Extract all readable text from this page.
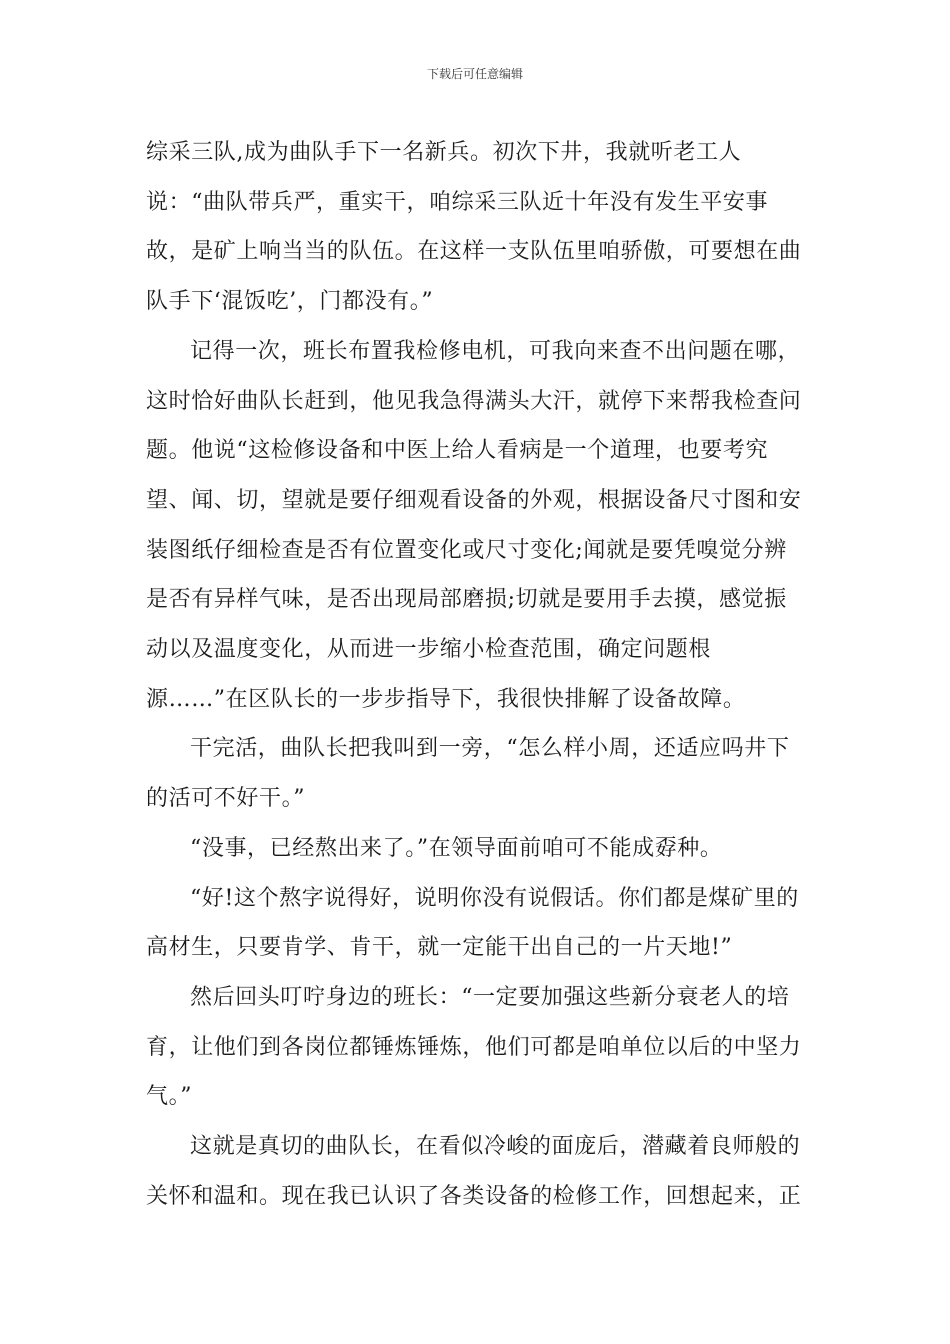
下载后可任意编辑

综采三队,成为曲队手下一名新兵。初次下井，我就听老工人说：“曲队带兵严，重实干，咱综采三队近十年没有发生平安事故，是矿上响当当的队伍。在这样一支队伍里咱骄傲，可要想在曲队手下‘混饭吃’，门都没有。”

记得一次，班长布置我检修电机，可我向来查不出问题在哪，这时恰好曲队长赶到，他见我急得满头大汗，就停下来帮我检查问题。他说“这检修设备和中医上给人看病是一个道理，也要考究望、闻、切，望就是要仔细观看设备的外观，根据设备尺寸图和安装图纸仔细检查是否有位置变化或尺寸变化;闻就是要凭嗅觉分辨是否有异样气味，是否出现局部磨损;切就是要用手去摸，感觉振动以及温度变化，从而进一步缩小检查范围，确定问题根源……”在区队长的一步步指导下，我很快排解了设备故障。

干完活，曲队长把我叫到一旁，“怎么样小周，还适应吗井下的活可不好干。”

“没事，已经熬出来了。”在领导面前咱可不能成孬种。

“好!这个熬字说得好，说明你没有说假话。你们都是煤矿里的高材生，只要肯学、肯干，就一定能干出自己的一片天地!”

然后回头叮咛身边的班长：“一定要加强这些新分衰老人的培育，让他们到各岗位都锤炼锤炼，他们可都是咱单位以后的中坚力气。”

这就是真切的曲队长，在看似冷峻的面庞后，潜藏着良师般的关怀和温和。现在我已认识了各类设备的检修工作，回想起来，正
